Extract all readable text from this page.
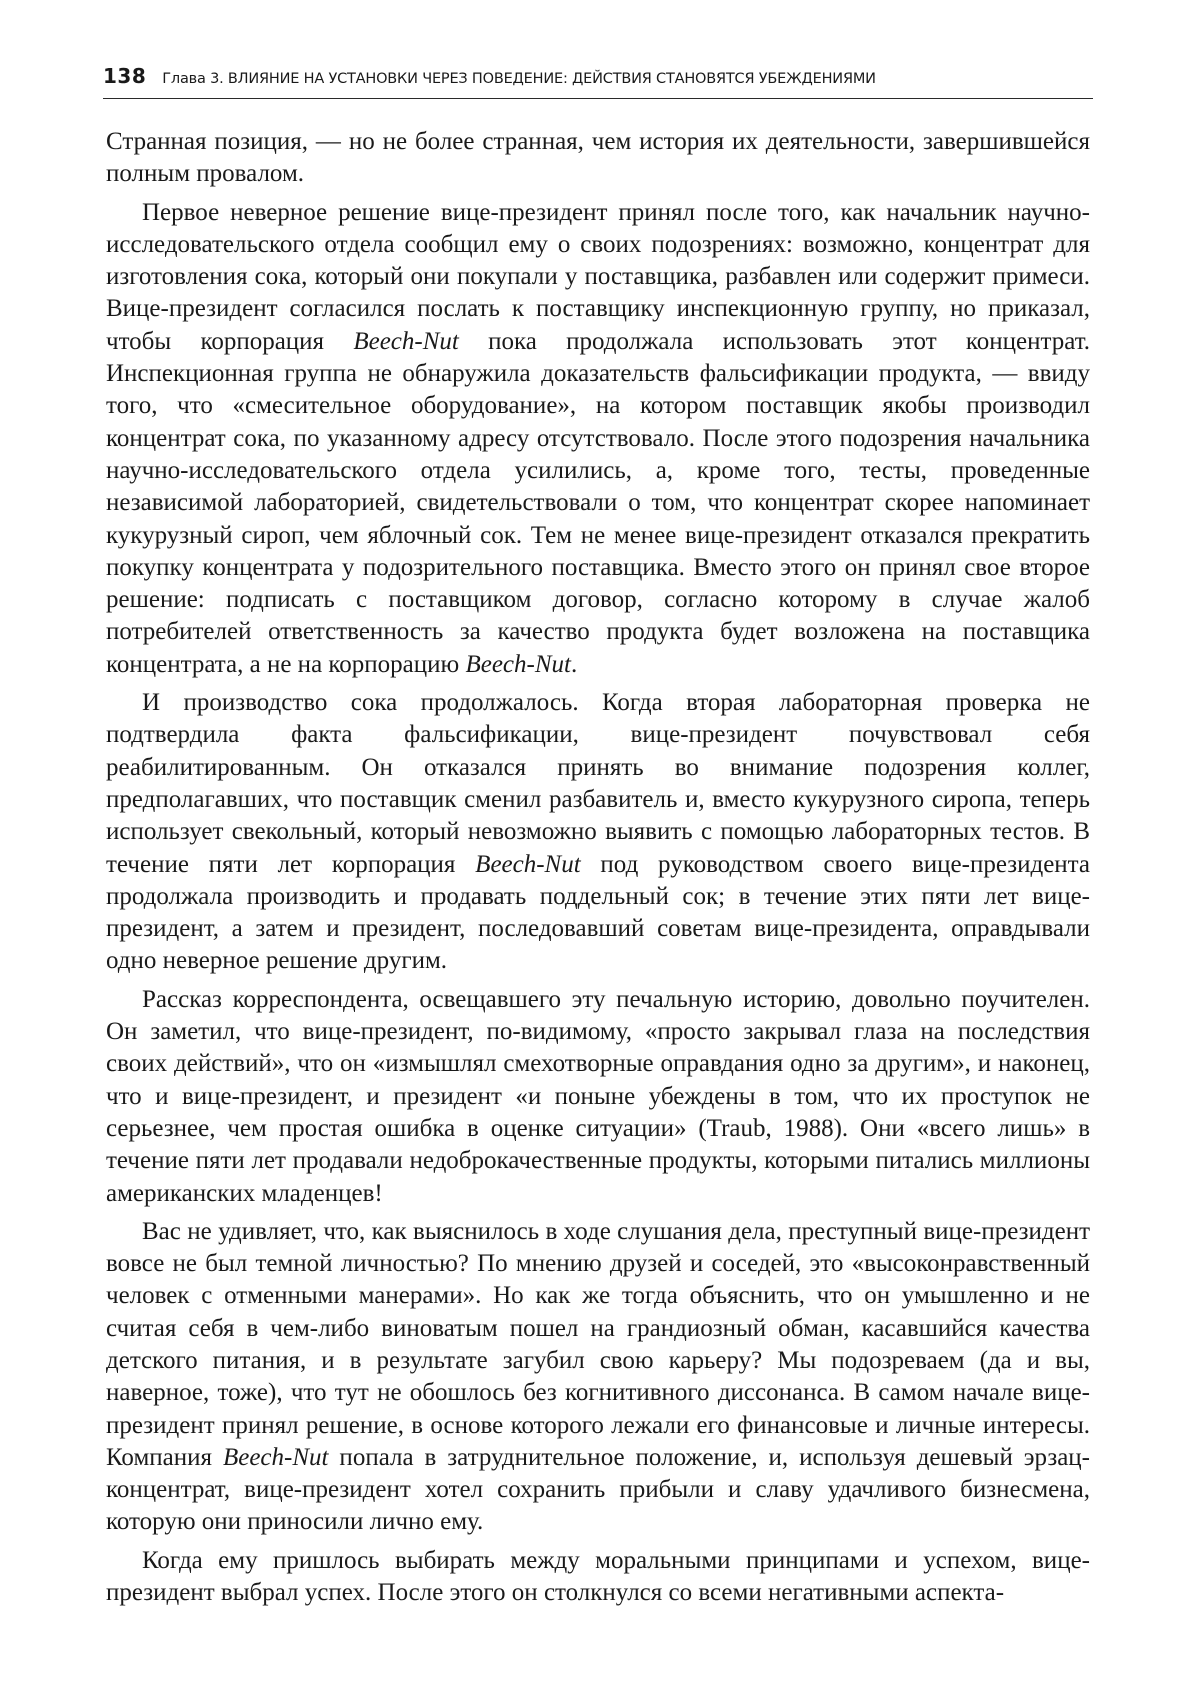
138 Глава 3. ВЛИЯНИЕ НА УСТАНОВКИ ЧЕРЕЗ ПОВЕДЕНИЕ: ДЕЙСТВИЯ СТАНОВЯТСЯ УБЕЖДЕНИЯМИ

Странная позиция, — но не более странная, чем история их деятельности, завершившейся полным провалом.

Первое неверное решение вице-президент принял после того, как начальник научно-исследовательского отдела сообщил ему о своих подозрениях: возможно, концентрат для изготовления сока, который они покупали у поставщика, разбавлен или содержит примеси. Вице-президент согласился послать к поставщику инспекционную группу, но приказал, чтобы корпорация Beech-Nut пока продолжала использовать этот концентрат. Инспекционная группа не обнаружила доказательств фальсификации продукта, — ввиду того, что «смесительное оборудование», на котором поставщик якобы производил концентрат сока, по указанному адресу отсутствовало. После этого подозрения начальника научно-исследовательского отдела усилились, а, кроме того, тесты, проведенные независимой лабораторией, свидетельствовали о том, что концентрат скорее напоминает кукурузный сироп, чем яблочный сок. Тем не менее вице-президент отказался прекратить покупку концентрата у подозрительного поставщика. Вместо этого он принял свое второе решение: подписать с поставщиком договор, согласно которому в случае жалоб потребителей ответственность за качество продукта будет возложена на поставщика концентрата, а не на корпорацию Beech-Nut.

И производство сока продолжалось. Когда вторая лабораторная проверка не подтвердила факта фальсификации, вице-президент почувствовал себя реабилитированным. Он отказался принять во внимание подозрения коллег, предполагавших, что поставщик сменил разбавитель и, вместо кукурузного сиропа, теперь использует свекольный, который невозможно выявить с помощью лабораторных тестов. В течение пяти лет корпорация Beech-Nut под руководством своего вице-президента продолжала производить и продавать поддельный сок; в течение этих пяти лет вице-президент, а затем и президент, последовавший советам вице-президента, оправдывали одно неверное решение другим.

Рассказ корреспондента, освещавшего эту печальную историю, довольно поучителен. Он заметил, что вице-президент, по-видимому, «просто закрывал глаза на последствия своих действий», что он «измышлял смехотворные оправдания одно за другим», и наконец, что и вице-президент, и президент «и поныне убеждены в том, что их проступок не серьезнее, чем простая ошибка в оценке ситуации» (Traub, 1988). Они «всего лишь» в течение пяти лет продавали недоброкачественные продукты, которыми питались миллионы американских младенцев!

Вас не удивляет, что, как выяснилось в ходе слушания дела, преступный вице-президент вовсе не был темной личностью? По мнению друзей и соседей, это «высоконравственный человек с отменными манерами». Но как же тогда объяснить, что он умышленно и не считая себя в чем-либо виноватым пошел на грандиозный обман, касавшийся качества детского питания, и в результате загубил свою карьеру? Мы подозреваем (да и вы, наверное, тоже), что тут не обошлось без когнитивного диссонанса. В самом начале вице-президент принял решение, в основе которого лежали его финансовые и личные интересы. Компания Beech-Nut попала в затруднительное положение, и, используя дешевый эрзац-концентрат, вице-президент хотел сохранить прибыли и славу удачливого бизнесмена, которую они приносили лично ему.

Когда ему пришлось выбирать между моральными принципами и успехом, вице-президент выбрал успех. После этого он столкнулся со всеми негативными аспекта-
